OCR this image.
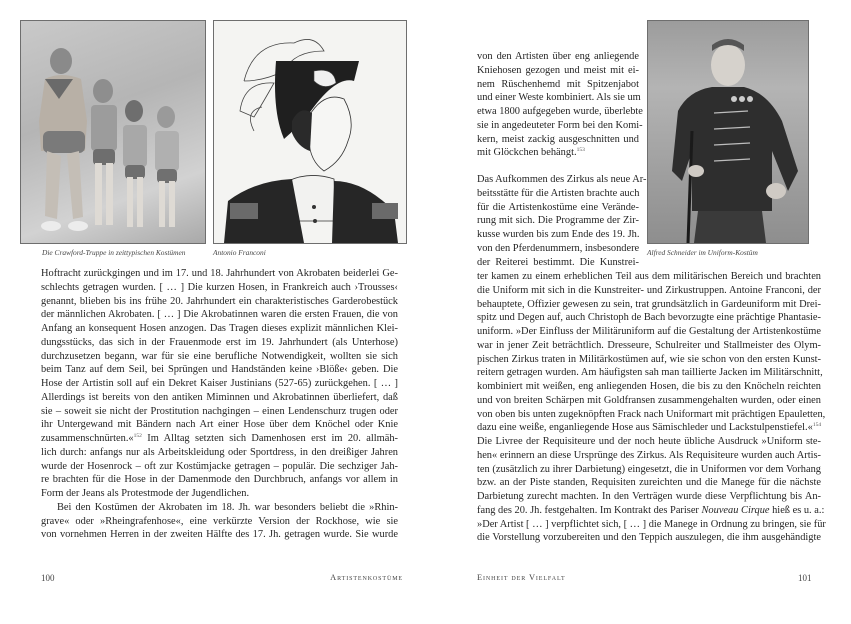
Die Crawford-Truppe in zeittypischen Kostümen	Antonio Franconi
Hoftracht zurückgingen und im 17. und 18. Jahrhundert von Akrobaten beiderlei Ge-
schlechts getragen wurden. [ … ] Die kurzen Hosen, in Frankreich auch ›Trousses‹
genannt, blieben bis ins frühe 20. Jahrhundert ein charakteristisches Garderobestück
der männlichen Akrobaten. [ … ] Die Akrobatinnen waren die ersten Frauen, die von
Anfang an konsequent Hosen anzogen. Das Tragen dieses explizit männlichen Klei-
dungsstücks, das sich in der Frauenmode erst im 19. Jahrhundert (als Unterhose)
durchzusetzen begann, war für sie eine berufliche Notwendigkeit, wollten sie sich
beim Tanz auf dem Seil, bei Sprüngen und Handständen keine ›Blöße‹ geben. Die
Hose der Artistin soll auf ein Dekret Kaiser Justinians (527-65) zurückgehen. [ … ]
Allerdings ist bereits von den antiken Miminnen und Akrobatinnen überliefert, daß
sie – soweit sie nicht der Prostitution nachgingen – einen Lendenschurz trugen oder
ihr Untergewand mit Bändern nach Art einer Hose über dem Knöchel oder Knie
zusammenschnürten.«$^{152}$ Im Alltag setzten sich Damenhosen erst im 20. allmäh-
lich durch: anfangs nur als Arbeitskleidung oder Sportdress, in den dreißiger Jahren
wurde der Hosenrock – oft zur Kostümjacke getragen – populär. Die sechziger Jah-
re brachten für die Hose in der Damenmode den Durchbruch, anfangs vor allem in
Form der Jeans als Protestmode der Jugendlichen.
Bei den Kostümen der Akrobaten im 18. Jh. war besonders beliebt die »Rhin-
grave« oder »Rheingrafenhose«, eine verkürzte Version der Rockhose, wie sie
von vornehmen Herren in der zweiten Hälfte des 17. Jh. getragen wurde. Sie wurde
100	Artistenkostüme
von den Artisten über eng anliegende
Kniehosen gezogen und meist mit ei-
nem Rüschenhemd mit Spitzenjabot
und einer Weste kombiniert. Als sie um
etwa 1800 aufgegeben wurde, überlebte
sie in angedeuteter Form bei den Komi-
kern, meist zackig ausgeschnitten und
mit Glöckchen behängt.$^{153}$
Das Aufkommen des Zirkus als neue Ar-
beitsstätte für die Artisten brachte auch
für die Artistenkostüme eine Verände-
rung mit sich. Die Programme der Zir-
kusse wurden bis zum Ende des 19. Jh.
von den Pferdenummern, insbesondere
der Reiterei bestimmt. Die Kunstrei-
Alfred Schneider im Uniform-Kostüm
ter kamen zu einem erheblichen Teil aus dem militärischen Bereich und brachten
die Uniform mit sich in die Kunstreiter- und Zirkustruppen. Antoine Franconi, der
behauptete, Offizier gewesen zu sein, trat grundsätzlich in Gardeuniform mit Drei-
spitz und Degen auf, auch Christoph de Bach bevorzugte eine prächtige Phantasie-
uniform. »Der Einfluss der Militäruniform auf die Gestaltung der Artistenkostüme
war in jener Zeit beträchtlich. Dresseure, Schulreiter und Stallmeister des Olym-
pischen Zirkus traten in Militärkostümen auf, wie sie schon von den ersten Kunst-
reitern getragen wurden. Am häufigsten sah man taillierte Jacken im Militärschnitt,
kombiniert mit weißen, eng anliegenden Hosen, die bis zu den Knöcheln reichten
und von breiten Schärpen mit Goldfransen zusammengehalten wurden, oder einen
von oben bis unten zugeknöpften Frack nach Uniformart mit prächtigen Epauletten,
dazu eine weiße, enganliegende Hose aus Sämischleder und Lackstulpenstiefel.«$^{154}$
Die Livree der Requisiteure und der noch heute übliche Ausdruck »Uniform ste-
hen« erinnern an diese Ursprünge des Zirkus. Als Requisiteure wurden auch Artis-
ten (zusätzlich zu ihrer Darbietung) eingesetzt, die in Uniformen vor dem Vorhang
bzw. an der Piste standen, Requisiten zureichten und die Manege für die nächste
Darbietung zurecht machten. In den Verträgen wurde diese Verpflichtung bis An-
fang des 20. Jh. festgehalten. Im Kontrakt des Pariser Nouveau Cirque hieß es u. a.:
»Der Artist [ … ] verpflichtet sich, [ … ] die Manege in Ordnung zu bringen, sie für
die Vorstellung vorzubereiten und den Teppich auszulegen, die ihm ausgehändigte
Einheit der Vielfalt	101
